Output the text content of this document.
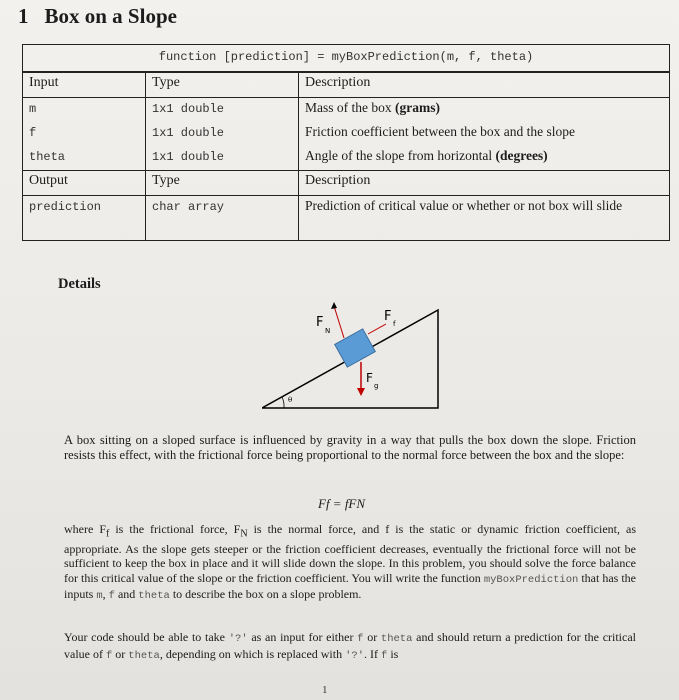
1 Box on a Slope
function [prediction] = myBoxPrediction(m, f, theta)		
Input	Type	Description
m	1x1 double	Mass of the box (grams)
f	1x1 double	Friction coefficient between the box and the slope
theta	1x1 double	Angle of the slope from horizontal (degrees)
Output	Type	Description
prediction	char array	Prediction of critical value or whether or not box will slide
Details
θ
F
N
F f
F
g
A box sitting on a sloped surface is influenced by gravity in a way that pulls the box down the slope. Friction resists this effect, with the frictional force being proportional to the normal force between the box and the slope:
Ff = fFN
where $F_f$ is the frictional force, $F_N$ is the normal force, and f is the static or dynamic friction coefficient, as appropriate. As the slope gets steeper or the friction coefficient decreases, eventually the frictional force will not be sufficient to keep the box in place and it will slide down the slope. In this problem, you should solve the force balance for this critical value of the slope or the friction coefficient. You will write the function myBoxPrediction that has the inputs m, f and theta to describe the box on a slope problem.
Your code should be able to take '?' as an input for either f or theta and should return a prediction for the critical value of f or theta, depending on which is replaced with '?'. If f is
1
